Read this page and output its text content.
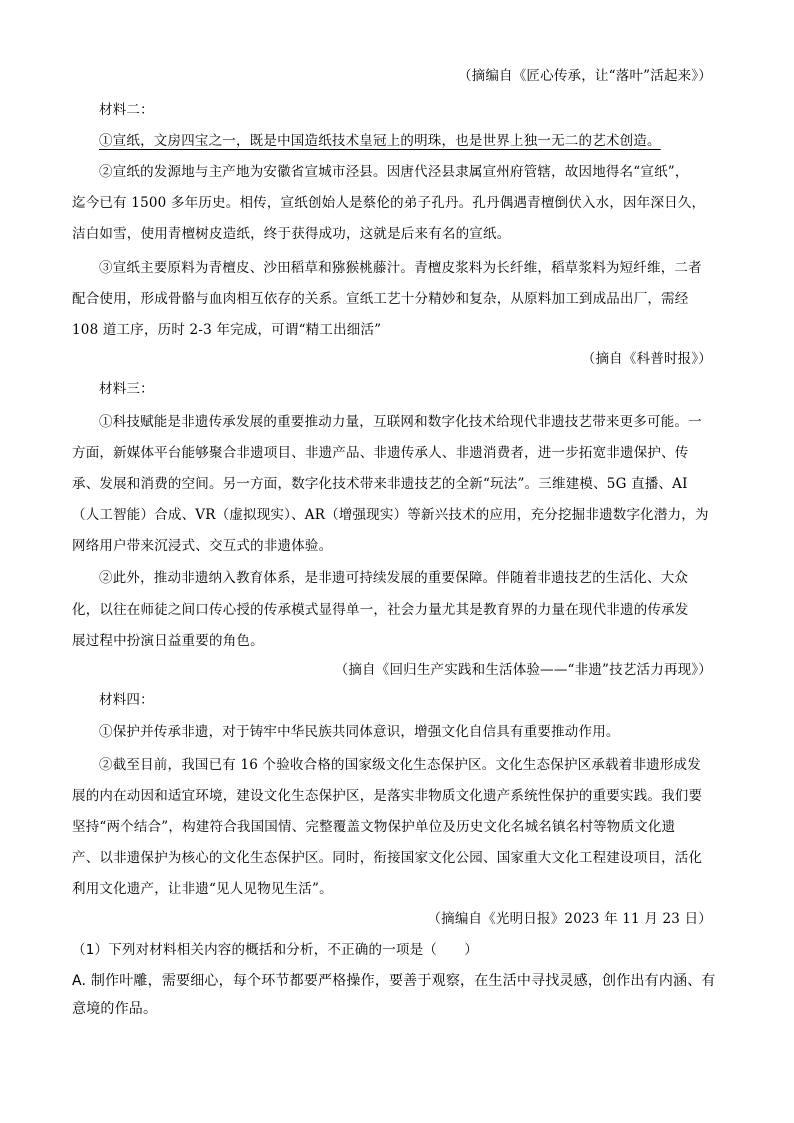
（摘编自《匠心传承，让“落叶”活起来》）
材料二：
①宣纸，文房四宝之一，既是中国造纸技术皇冠上的明珠，也是世界上独一无二的艺术创造。
②宣纸的发源地与主产地为安徽省宣城市泾县。因唐代泾县隶属宣州府管辖，故因地得名“宣纸”，
迄今已有 1500 多年历史。相传，宣纸创始人是蔡伦的弟子孔丹。孔丹偶遇青檀倒伏入水，因年深日久，
洁白如雪，使用青檀树皮造纸，终于获得成功，这就是后来有名的宣纸。
③宣纸主要原料为青檀皮、沙田稻草和猕猴桃藤汁。青檀皮浆料为长纤维，稻草浆料为短纤维，二者
配合使用，形成骨骼与血肉相互依存的关系。宣纸工艺十分精妙和复杂，从原料加工到成品出厂，需经
108 道工序，历时 2-3 年完成，可谓“精工出细活”
（摘自《科普时报》）
材料三：
①科技赋能是非遗传承发展的重要推动力量，互联网和数字化技术给现代非遗技艺带来更多可能。一
方面，新媒体平台能够聚合非遗项目、非遗产品、非遗传承人、非遗消费者，进一步拓宽非遗保护、传
承、发展和消费的空间。另一方面，数字化技术带来非遗技艺的全新“玩法”。三维建模、5G 直播、AI
（人工智能）合成、VR（虚拟现实）、AR（增强现实）等新兴技术的应用，充分挖掘非遗数字化潜力，为
网络用户带来沉浸式、交互式的非遗体验。
②此外，推动非遗纳入教育体系，是非遗可持续发展的重要保障。伴随着非遗技艺的生活化、大众
化，以往在师徒之间口传心授的传承模式显得单一，社会力量尤其是教育界的力量在现代非遗的传承发
展过程中扮演日益重要的角色。
（摘自《回归生产实践和生活体验——“非遗”技艺活力再现》）
材料四：
①保护并传承非遗，对于铸牢中华民族共同体意识，增强文化自信具有重要推动作用。
②截至目前，我国已有 16 个验收合格的国家级文化生态保护区。文化生态保护区承载着非遗形成发
展的内在动因和适宜环境，建设文化生态保护区，是落实非物质文化遗产系统性保护的重要实践。我们要
坚持“两个结合”，构建符合我国国情、完整覆盖文物保护单位及历史文化名城名镇名村等物质文化遗
产、以非遗保护为核心的文化生态保护区。同时，衔接国家文化公园、国家重大文化工程建设项目，活化
利用文化遗产，让非遗“见人见物见生活”。
（摘编自《光明日报》2023 年 11 月 23 日）
（1）下列对材料相关内容的概括和分析，不正确的一项是（　　）
A. 制作叶雕，需要细心，每个环节都要严格操作，要善于观察，在生活中寻找灵感，创作出有内涵、有
意境的作品。
